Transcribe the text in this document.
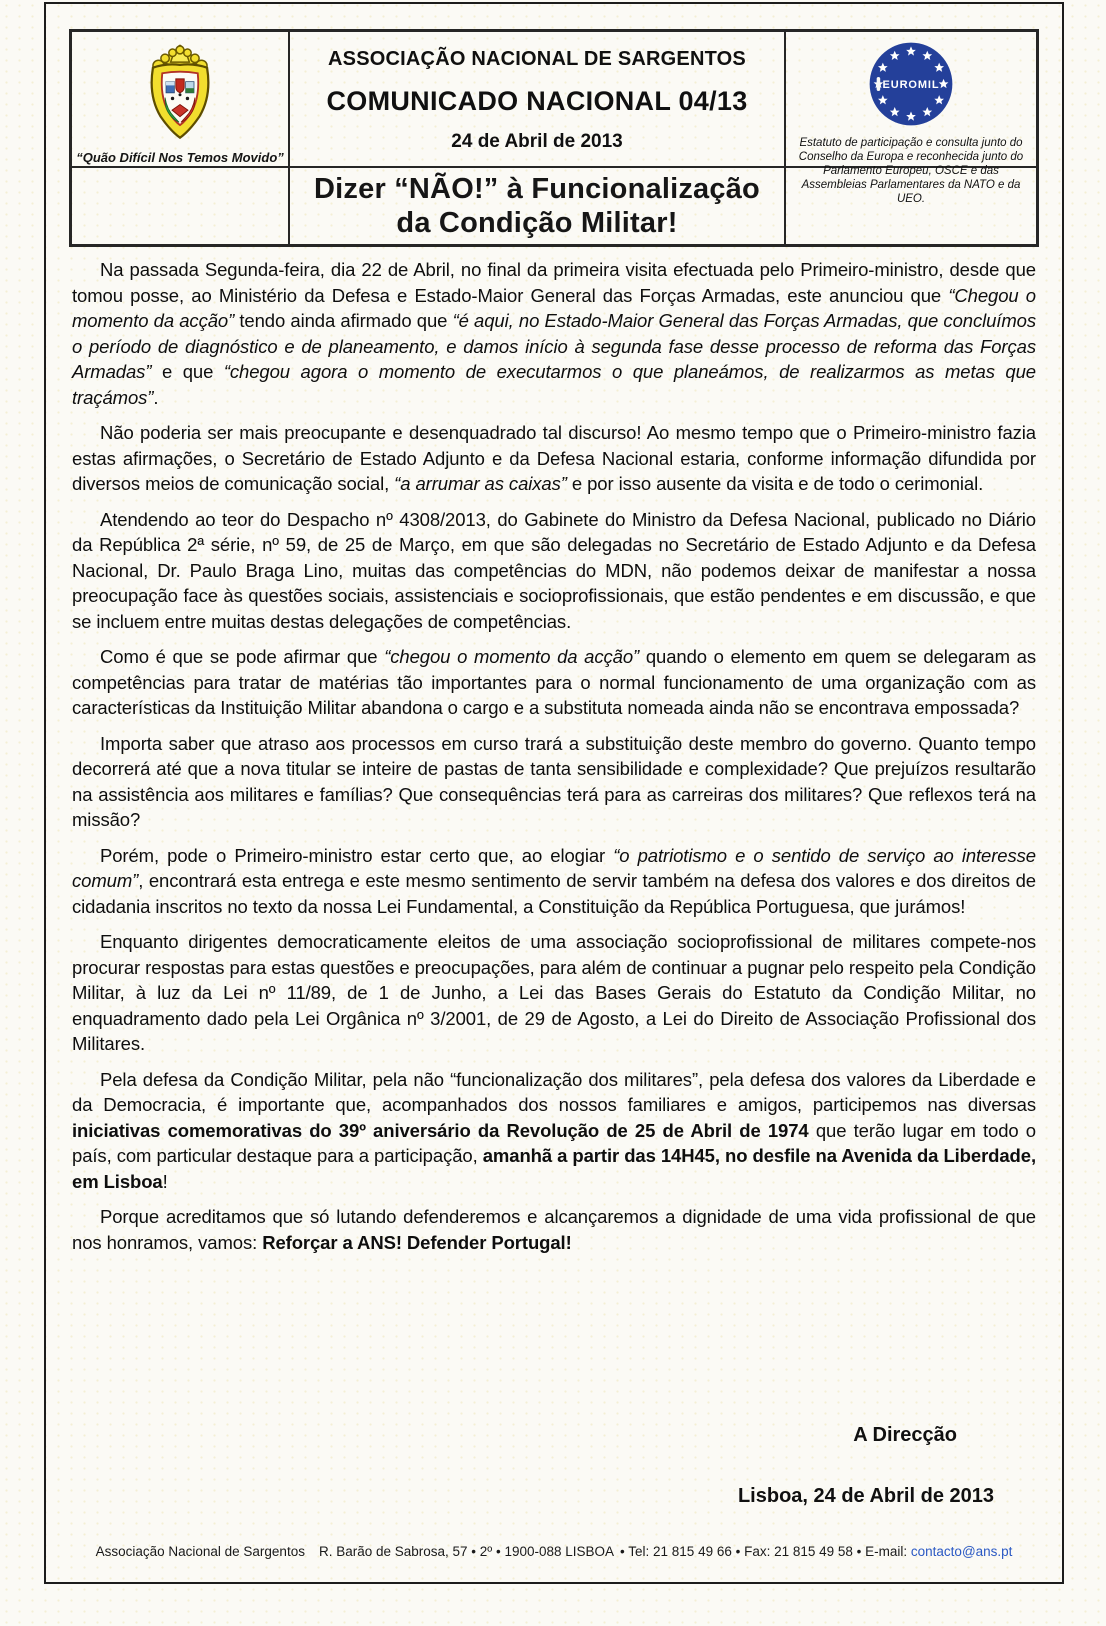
“Quão Difícil Nos Temos Movido”
ASSOCIAÇÃO NACIONAL DE SARGENTOS
COMUNICADO NACIONAL 04/13
24 de Abril de 2013
EUROMIL
Estatuto de participação e consulta junto do Conselho da Europa e reconhecida junto do Parlamento Europeu, OSCE e das Assembleias Parlamentares da NATO e da UEO.
Dizer “NÃO!” à Funcionalização
da Condição Militar!

Na passada Segunda-feira, dia 22 de Abril, no final da primeira visita efectuada pelo Primeiro-ministro, desde que tomou posse, ao Ministério da Defesa e Estado-Maior General das Forças Armadas, este anunciou que “Chegou o momento da acção” tendo ainda afirmado que “é aqui, no Estado-Maior General das Forças Armadas, que concluímos o período de diagnóstico e de planeamento, e damos início à segunda fase desse processo de reforma das Forças Armadas” e que “chegou agora o momento de executarmos o que planeámos, de realizarmos as metas que traçámos”.

Não poderia ser mais preocupante e desenquadrado tal discurso! Ao mesmo tempo que o Primeiro-ministro fazia estas afirmações, o Secretário de Estado Adjunto e da Defesa Nacional estaria, conforme informação difundida por diversos meios de comunicação social, “a arrumar as caixas” e por isso ausente da visita e de todo o cerimonial.

Atendendo ao teor do Despacho nº 4308/2013, do Gabinete do Ministro da Defesa Nacional, publicado no Diário da República 2ª série, nº 59, de 25 de Março, em que são delegadas no Secretário de Estado Adjunto e da Defesa Nacional, Dr. Paulo Braga Lino, muitas das competências do MDN, não podemos deixar de manifestar a nossa preocupação face às questões sociais, assistenciais e socioprofissionais, que estão pendentes e em discussão, e que se incluem entre muitas destas delegações de competências.

Como é que se pode afirmar que “chegou o momento da acção” quando o elemento em quem se delegaram as competências para tratar de matérias tão importantes para o normal funcionamento de uma organização com as características da Instituição Militar abandona o cargo e a substituta nomeada ainda não se encontrava empossada?

Importa saber que atraso aos processos em curso trará a substituição deste membro do governo. Quanto tempo decorrerá até que a nova titular se inteire de pastas de tanta sensibilidade e complexidade? Que prejuízos resultarão na assistência aos militares e famílias? Que consequências terá para as carreiras dos militares? Que reflexos terá na missão?

Porém, pode o Primeiro-ministro estar certo que, ao elogiar “o patriotismo e o sentido de serviço ao interesse comum”, encontrará esta entrega e este mesmo sentimento de servir também na defesa dos valores e dos direitos de cidadania inscritos no texto da nossa Lei Fundamental, a Constituição da República Portuguesa, que jurámos!

Enquanto dirigentes democraticamente eleitos de uma associação socioprofissional de militares compete-nos procurar respostas para estas questões e preocupações, para além de continuar a pugnar pelo respeito pela Condição Militar, à luz da Lei nº 11/89, de 1 de Junho, a Lei das Bases Gerais do Estatuto da Condição Militar, no enquadramento dado pela Lei Orgânica nº 3/2001, de 29 de Agosto, a Lei do Direito de Associação Profissional dos Militares.

Pela defesa da Condição Militar, pela não “funcionalização dos militares”, pela defesa dos valores da Liberdade e da Democracia, é importante que, acompanhados dos nossos familiares e amigos, participemos nas diversas iniciativas comemorativas do 39º aniversário da Revolução de 25 de Abril de 1974 que terão lugar em todo o país, com particular destaque para a participação, amanhã a partir das 14H45, no desfile na Avenida da Liberdade, em Lisboa!

Porque acreditamos que só lutando defenderemos e alcançaremos a dignidade de uma vida profissional de que nos honramos, vamos: Reforçar a ANS! Defender Portugal!

A Direcção
Lisboa, 24 de Abril de 2013
Associação Nacional de Sargentos R. Barão de Sabrosa, 57 • 2º • 1900-088 LISBOA • Tel: 21 815 49 66 • Fax: 21 815 49 58 • E-mail: contacto@ans.pt
